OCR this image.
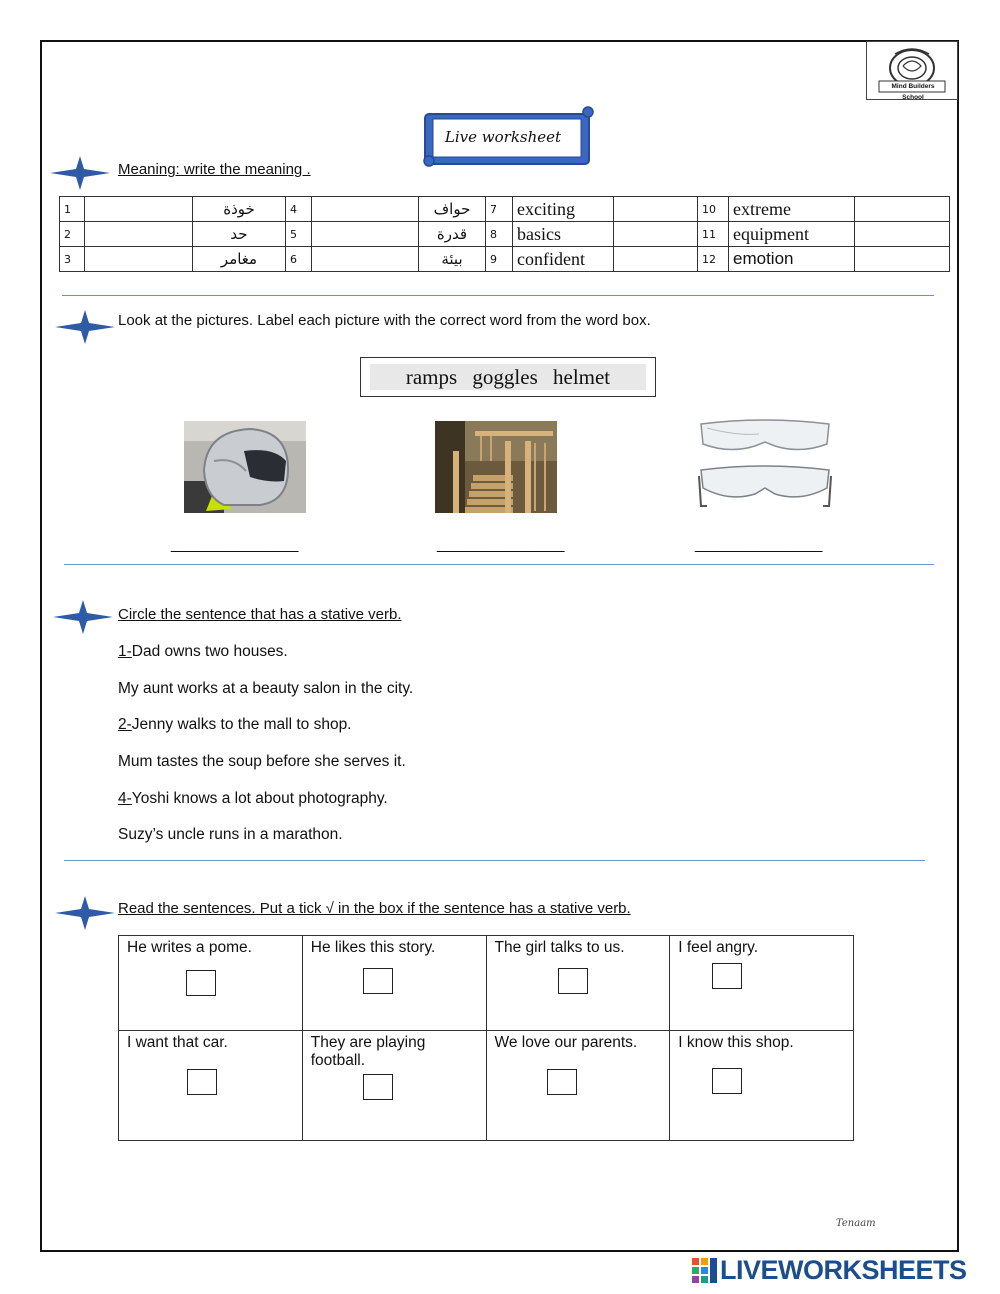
Mind Builders School
Live worksheet
Meaning: write the meaning .
1		خوذة	4		حواف	7	exciting		10	extreme	
2		حد	5		قدرة	8	basics		11	equipment	
3		مغامر	6		بيئة	9	confident		12	emotion	
Look at the pictures. Label each picture with the correct word from the word box.
ramps goggles helmet
________________	________________	________________
Circle the sentence that has a stative verb.
1-Dad owns two houses.
My aunt works at a beauty salon in the city.
2-Jenny walks to the mall to shop.
Mum tastes the soup before she serves it.
4-Yoshi knows a lot about photography.
Suzy’s uncle runs in a marathon.
Read the sentences. Put a tick √ in the box if the sentence has a stative verb.
He writes a pome.	He likes this story.	The girl talks to us.	I feel angry.

I want that car.	They are playing football.	We love our parents.	I know this shop.
Tenaam
LIVEWORKSHEETS
